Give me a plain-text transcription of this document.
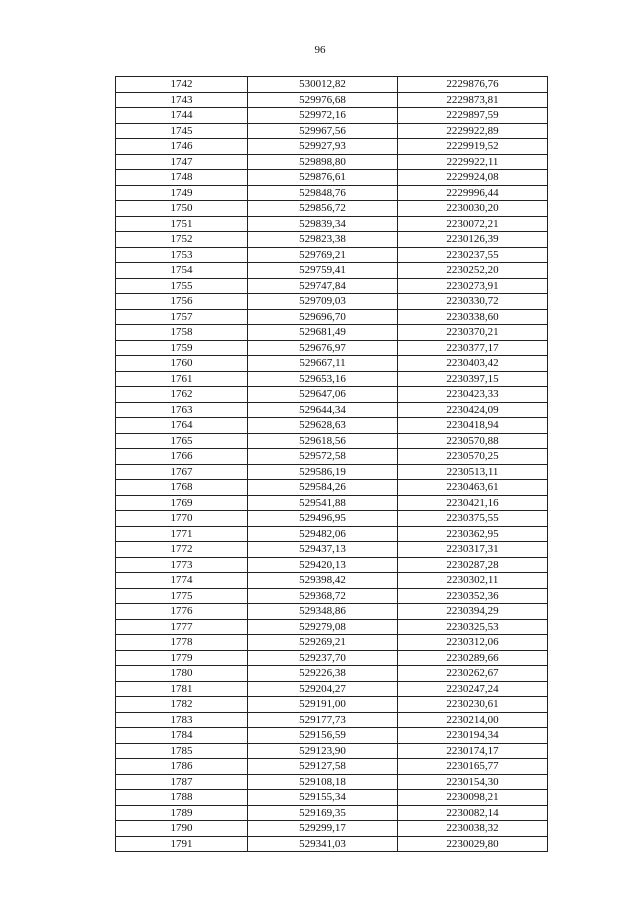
96
1742	530012,82	2229876,76
1743	529976,68	2229873,81
1744	529972,16	2229897,59
1745	529967,56	2229922,89
1746	529927,93	2229919,52
1747	529898,80	2229922,11
1748	529876,61	2229924,08
1749	529848,76	2229996,44
1750	529856,72	2230030,20
1751	529839,34	2230072,21
1752	529823,38	2230126,39
1753	529769,21	2230237,55
1754	529759,41	2230252,20
1755	529747,84	2230273,91
1756	529709,03	2230330,72
1757	529696,70	2230338,60
1758	529681,49	2230370,21
1759	529676,97	2230377,17
1760	529667,11	2230403,42
1761	529653,16	2230397,15
1762	529647,06	2230423,33
1763	529644,34	2230424,09
1764	529628,63	2230418,94
1765	529618,56	2230570,88
1766	529572,58	2230570,25
1767	529586,19	2230513,11
1768	529584,26	2230463,61
1769	529541,88	2230421,16
1770	529496,95	2230375,55
1771	529482,06	2230362,95
1772	529437,13	2230317,31
1773	529420,13	2230287,28
1774	529398,42	2230302,11
1775	529368,72	2230352,36
1776	529348,86	2230394,29
1777	529279,08	2230325,53
1778	529269,21	2230312,06
1779	529237,70	2230289,66
1780	529226,38	2230262,67
1781	529204,27	2230247,24
1782	529191,00	2230230,61
1783	529177,73	2230214,00
1784	529156,59	2230194,34
1785	529123,90	2230174,17
1786	529127,58	2230165,77
1787	529108,18	2230154,30
1788	529155,34	2230098,21
1789	529169,35	2230082,14
1790	529299,17	2230038,32
1791	529341,03	2230029,80
